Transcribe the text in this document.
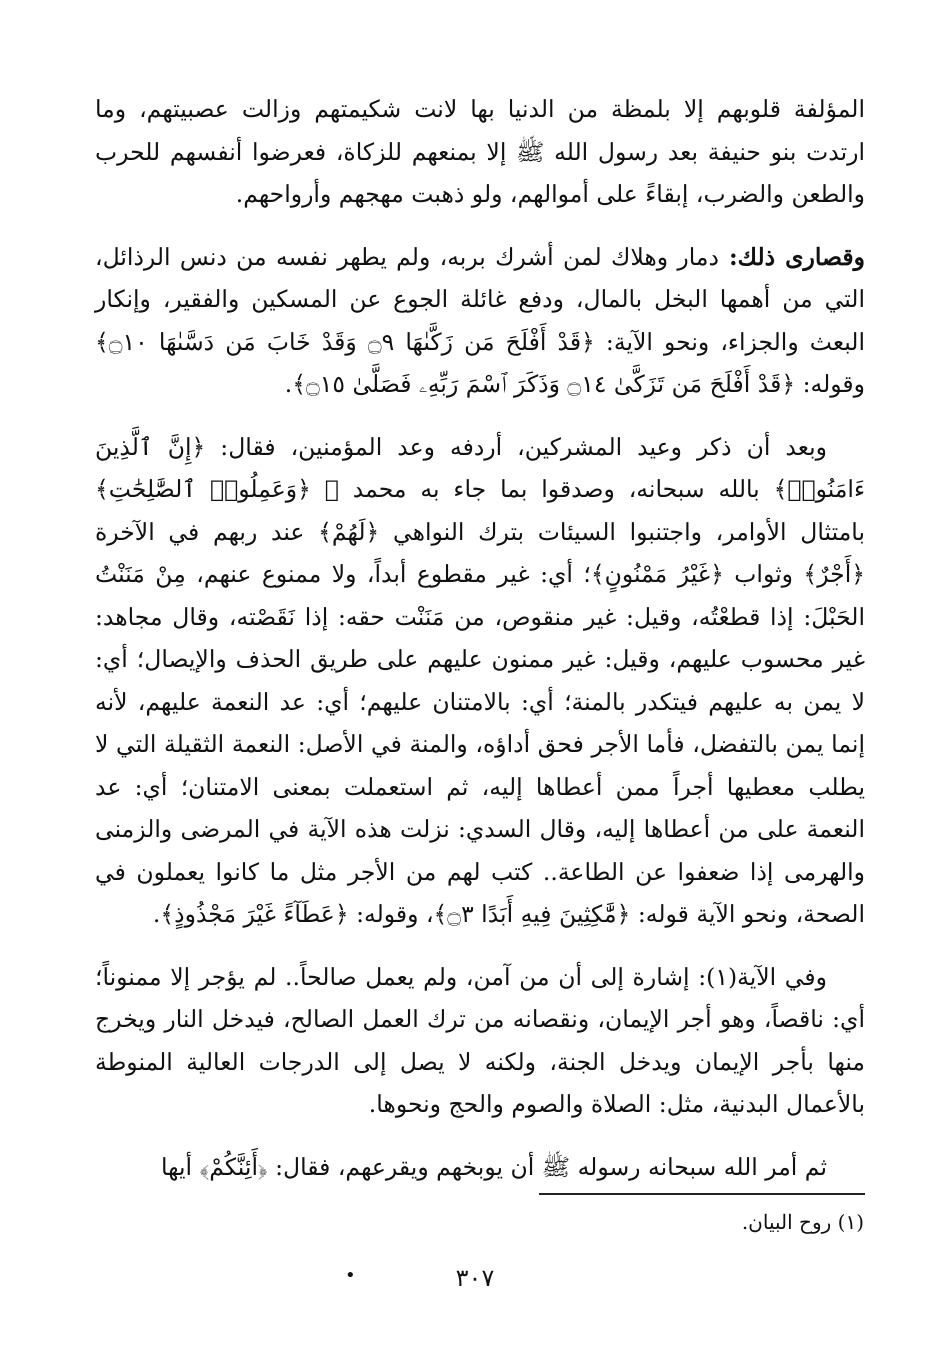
المؤلفة قلوبهم إلا بلمظة من الدنيا بها لانت شكيمتهم وزالت عصبيتهم، وما ارتدت بنو حنيفة بعد رسول الله ﷺ إلا بمنعهم للزكاة، فعرضوا أنفسهم للحرب والطعن والضرب، إبقاءً على أموالهم، ولو ذهبت مهجهم وأرواحهم.

وقصارى ذلك: دمار وهلاك لمن أشرك بربه، ولم يطهر نفسه من دنس الرذائل، التي من أهمها البخل بالمال، ودفع غائلة الجوع عن المسكين والفقير، وإنكار البعث والجزاء، ونحو الآية: ﴿قَدْ أَفْلَحَ مَن زَكَّىٰهَا ۝٩ وَقَدْ خَابَ مَن دَسَّىٰهَا ۝١٠﴾ وقوله: ﴿قَدْ أَفْلَحَ مَن تَزَكَّىٰ ۝١٤ وَذَكَرَ ٱسْمَ رَبِّهِۦ فَصَلَّىٰ ۝١٥﴾.

وبعد أن ذكر وعيد المشركين، أردفه وعد المؤمنين، فقال: ﴿إِنَّ ٱلَّذِينَ ءَامَنُوا۟﴾ بالله سبحانه، وصدقوا بما جاء به محمد ﷺ ﴿وَعَمِلُوا۟ ٱلصَّٰلِحَٰتِ﴾ بامتثال الأوامر، واجتنبوا السيئات بترك النواهي ﴿لَهُمْ﴾ عند ربهم في الآخرة ﴿أَجْرٌ﴾ وثواب ﴿غَيْرُ مَمْنُونٍ﴾؛ أي: غير مقطوع أبداً، ولا ممنوع عنهم، مِنْ مَنَنْتُ الحَبْلَ: إذا قطعْتُه، وقيل: غير منقوص، من مَنَنْت حقه: إذا نَقَصْته، وقال مجاهد: غير محسوب عليهم، وقيل: غير ممنون عليهم على طريق الحذف والإيصال؛ أي: لا يمن به عليهم فيتكدر بالمنة؛ أي: بالامتنان عليهم؛ أي: عد النعمة عليهم، لأنه إنما يمن بالتفضل، فأما الأجر فحق أداؤه، والمنة في الأصل: النعمة الثقيلة التي لا يطلب معطيها أجراً ممن أعطاها إليه، ثم استعملت بمعنى الامتنان؛ أي: عد النعمة على من أعطاها إليه، وقال السدي: نزلت هذه الآية في المرضى والزمنى والهرمى إذا ضعفوا عن الطاعة.. كتب لهم من الأجر مثل ما كانوا يعملون في الصحة، ونحو الآية قوله: ﴿مَّٰكِثِينَ فِيهِ أَبَدًا ۝٣﴾، وقوله: ﴿عَطَآءً غَيْرَ مَجْذُوذٍ﴾.

وفي الآية(١): إشارة إلى أن من آمن، ولم يعمل صالحاً.. لم يؤجر إلا ممنوناً؛ أي: ناقصاً، وهو أجر الإيمان، ونقصانه من ترك العمل الصالح، فيدخل النار ويخرج منها بأجر الإيمان ويدخل الجنة، ولكنه لا يصل إلى الدرجات العالية المنوطة بالأعمال البدنية، مثل: الصلاة والصوم والحج ونحوها.

ثم أمر الله سبحانه رسوله ﷺ أن يوبخهم ويقرعهم، فقال: ﴿أَئِنَّكُمْ﴾ أيها

(١) روح البيان.
•	٣٠٧
